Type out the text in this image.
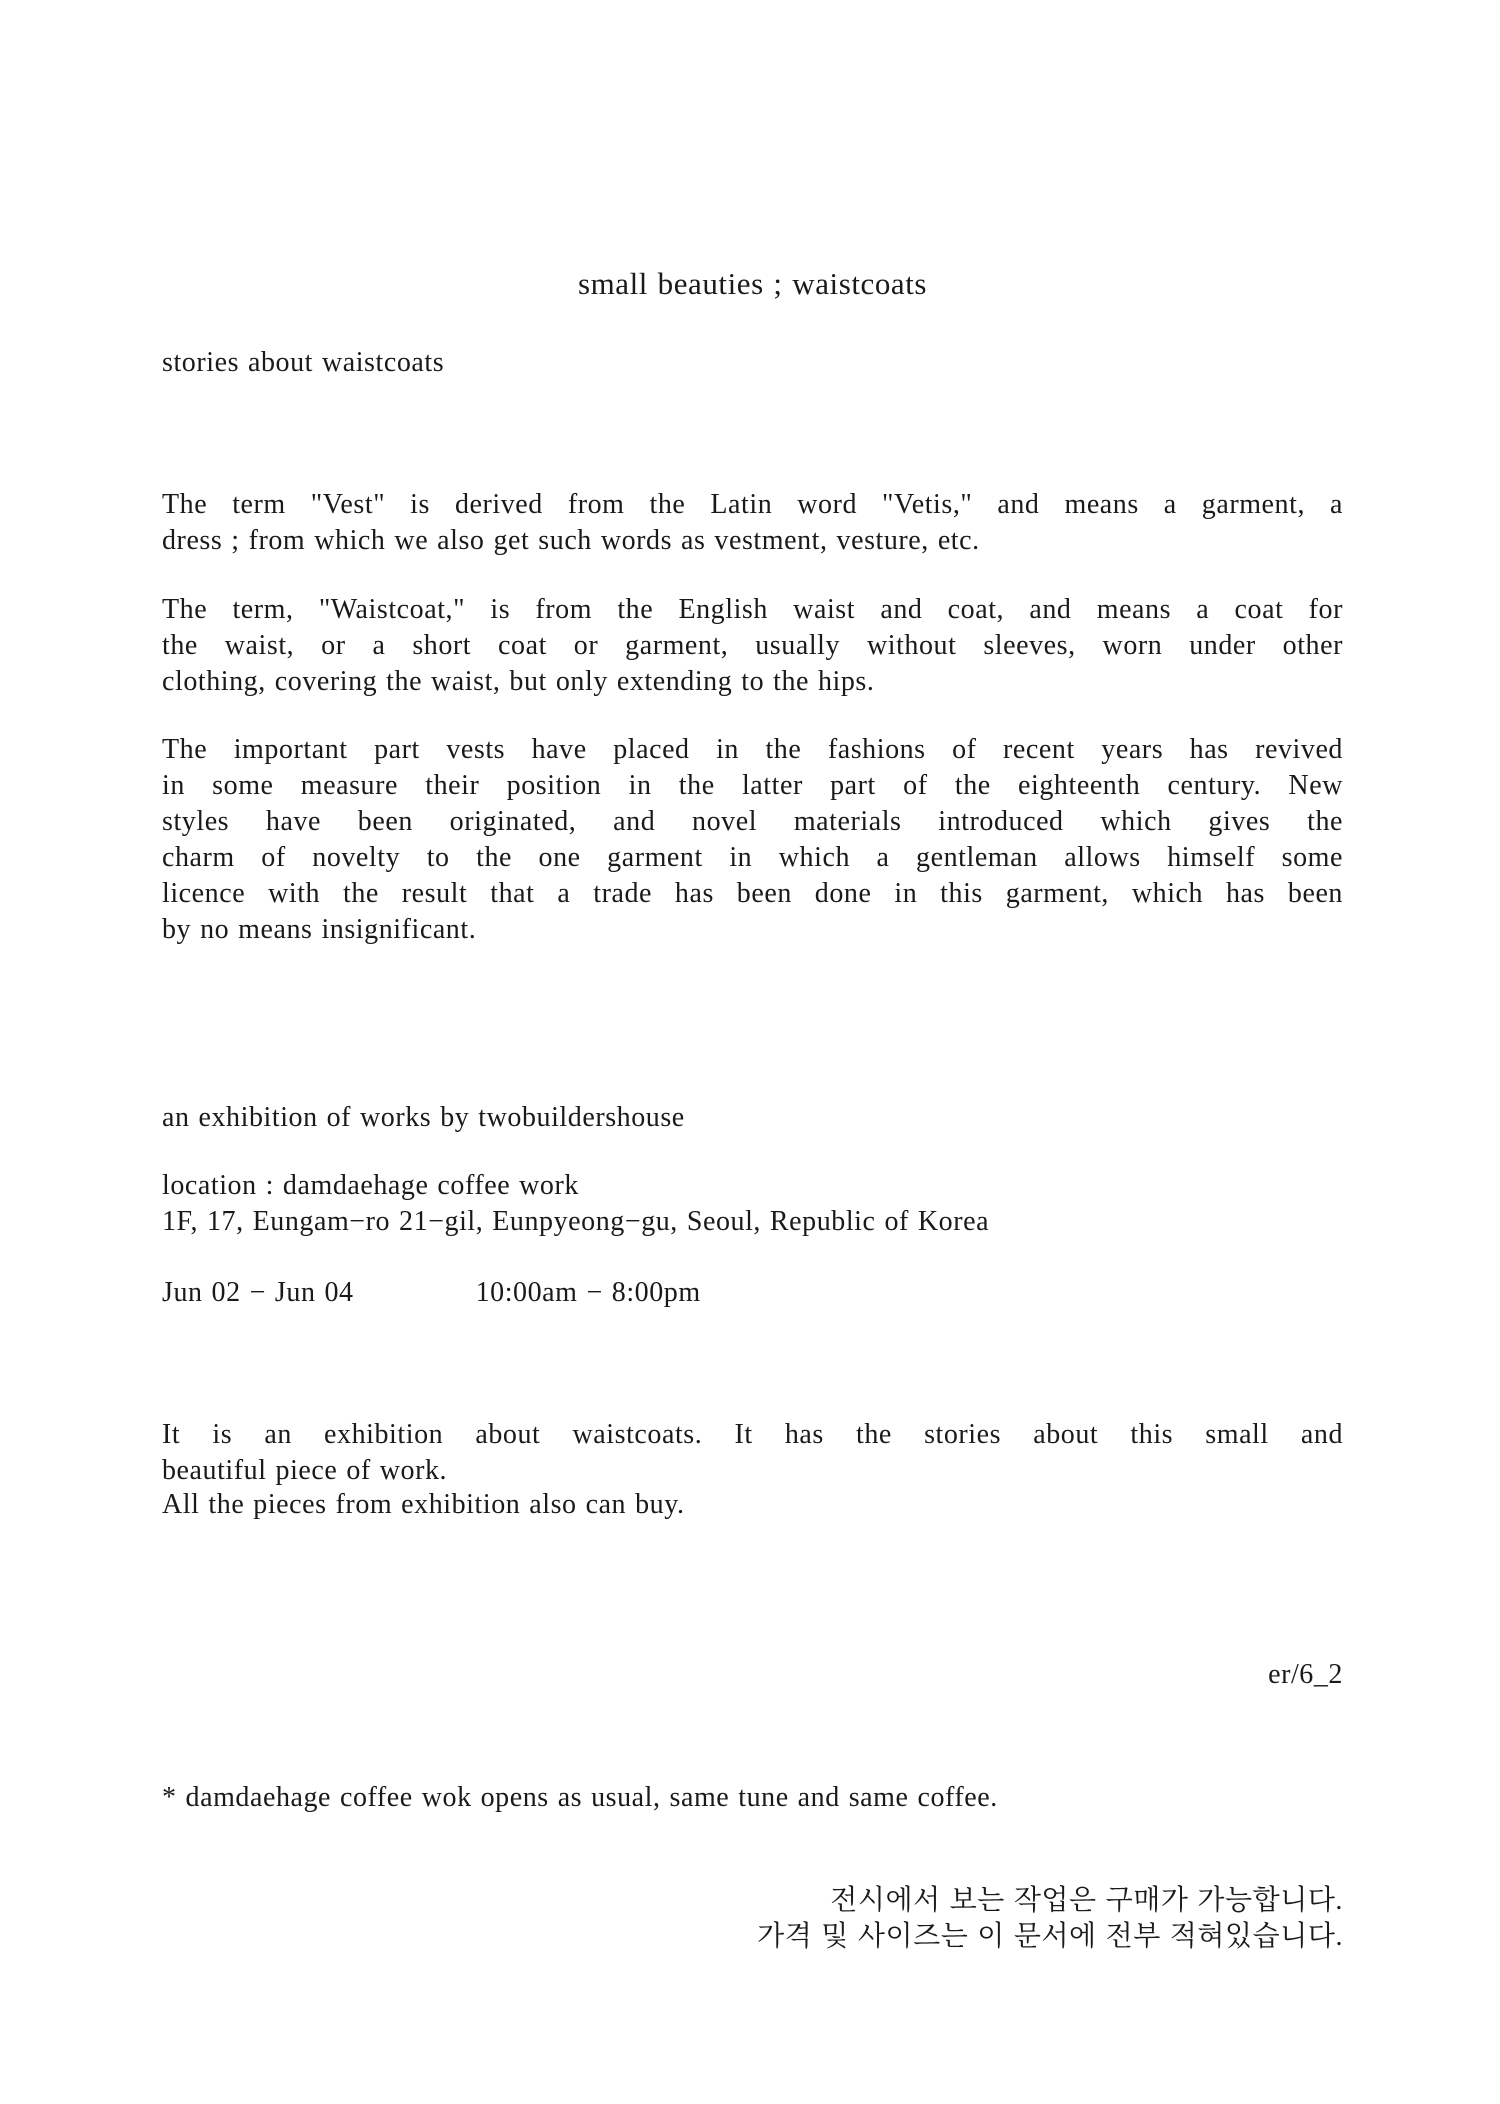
small beauties ; waistcoats
stories about waistcoats
The term "Vest" is derived from the Latin word "Vetis," and means a garment, a
dress ; from which we also get such words as vestment, vesture, etc.
The term, "Waistcoat," is from the English waist and coat, and means a coat for
the waist, or a short coat or garment, usually without sleeves, worn under other
clothing, covering the waist, but only extending to the hips.
The important part vests have placed in the fashions of recent years has revived
in some measure their position in the latter part of the eighteenth century. New
styles have been originated, and novel materials introduced which gives the
charm of novelty to the one garment in which a gentleman allows himself some
licence with the result that a trade has been done in this garment, which has been
by no means insignificant.
an exhibition of works by twobuildershouse
location : damdaehage coffee work
1F, 17, Eungam−ro 21−gil, Eunpyeong−gu, Seoul, Republic of Korea
Jun 02 − Jun 04	10:00am − 8:00pm
It is an exhibition about waistcoats. It has the stories about this small and
beautiful piece of work.
All the pieces from exhibition also can buy.
er/6_2
* damdaehage coffee wok opens as usual, same tune and same coffee.
전시에서 보는 작업은 구매가 가능합니다.
가격 및 사이즈는 이 문서에 전부 적혀있습니다.
